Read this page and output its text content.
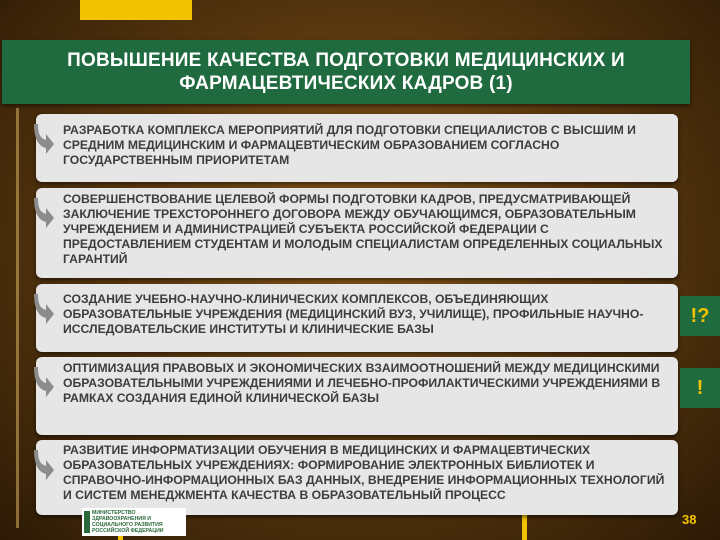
ПОВЫШЕНИЕ КАЧЕСТВА ПОДГОТОВКИ МЕДИЦИНСКИХ И ФАРМАЦЕВТИЧЕСКИХ КАДРОВ (1)
РАЗРАБОТКА КОМПЛЕКСА МЕРОПРИЯТИЙ ДЛЯ ПОДГОТОВКИ СПЕЦИАЛИСТОВ С ВЫСШИМ И СРЕДНИМ МЕДИЦИНСКИМ И ФАРМАЦЕВТИЧЕСКИМ ОБРАЗОВАНИЕМ СОГЛАСНО ГОСУДАРСТВЕННЫМ ПРИОРИТЕТАМ
СОВЕРШЕНСТВОВАНИЕ ЦЕЛЕВОЙ ФОРМЫ ПОДГОТОВКИ КАДРОВ, ПРЕДУСМАТРИВАЮЩЕЙ ЗАКЛЮЧЕНИЕ ТРЕХСТОРОННЕГО ДОГОВОРА МЕЖДУ ОБУЧАЮЩИМСЯ, ОБРАЗОВАТЕЛЬНЫМ УЧРЕЖДЕНИЕМ И АДМИНИСТРАЦИЕЙ СУБЪЕКТА РОССИЙСКОЙ ФЕДЕРАЦИИ С ПРЕДОСТАВЛЕНИЕМ СТУДЕНТАМ И МОЛОДЫМ СПЕЦИАЛИСТАМ ОПРЕДЕЛЕННЫХ СОЦИАЛЬНЫХ ГАРАНТИЙ
СОЗДАНИЕ УЧЕБНО-НАУЧНО-КЛИНИЧЕСКИХ КОМПЛЕКСОВ, ОБЪЕДИНЯЮЩИХ ОБРАЗОВАТЕЛЬНЫЕ УЧРЕЖДЕНИЯ (МЕДИЦИНСКИЙ ВУЗ, УЧИЛИЩЕ), ПРОФИЛЬНЫЕ НАУЧНО-ИССЛЕДОВАТЕЛЬСКИЕ ИНСТИТУТЫ И КЛИНИЧЕСКИЕ БАЗЫ
ОПТИМИЗАЦИЯ ПРАВОВЫХ И ЭКОНОМИЧЕСКИХ ВЗАИМООТНОШЕНИЙ МЕЖДУ МЕДИЦИНСКИМИ ОБРАЗОВАТЕЛЬНЫМИ УЧРЕЖДЕНИЯМИ И ЛЕЧЕБНО-ПРОФИЛАКТИЧЕСКИМИ УЧРЕЖДЕНИЯМИ В РАМКАХ СОЗДАНИЯ ЕДИНОЙ КЛИНИЧЕСКОЙ БАЗЫ
РАЗВИТИЕ ИНФОРМАТИЗАЦИИ ОБУЧЕНИЯ В МЕДИЦИНСКИХ И ФАРМАЦЕВТИЧЕСКИХ ОБРАЗОВАТЕЛЬНЫХ УЧРЕЖДЕНИЯХ: ФОРМИРОВАНИЕ ЭЛЕКТРОННЫХ БИБЛИОТЕК И СПРАВОЧНО-ИНФОРМАЦИОННЫХ БАЗ ДАННЫХ, ВНЕДРЕНИЕ ИНФОРМАЦИОННЫХ ТЕХНОЛОГИЙ И СИСТЕМ МЕНЕДЖМЕНТА КАЧЕСТВА В ОБРАЗОВАТЕЛЬНЫЙ ПРОЦЕСС
!?
!
МИНИСТЕРСТВО ЗДРАВООХРАНЕНИЯ И СОЦИАЛЬНОГО РАЗВИТИЯ РОССИЙСКОЙ ФЕДЕРАЦИИ
38
